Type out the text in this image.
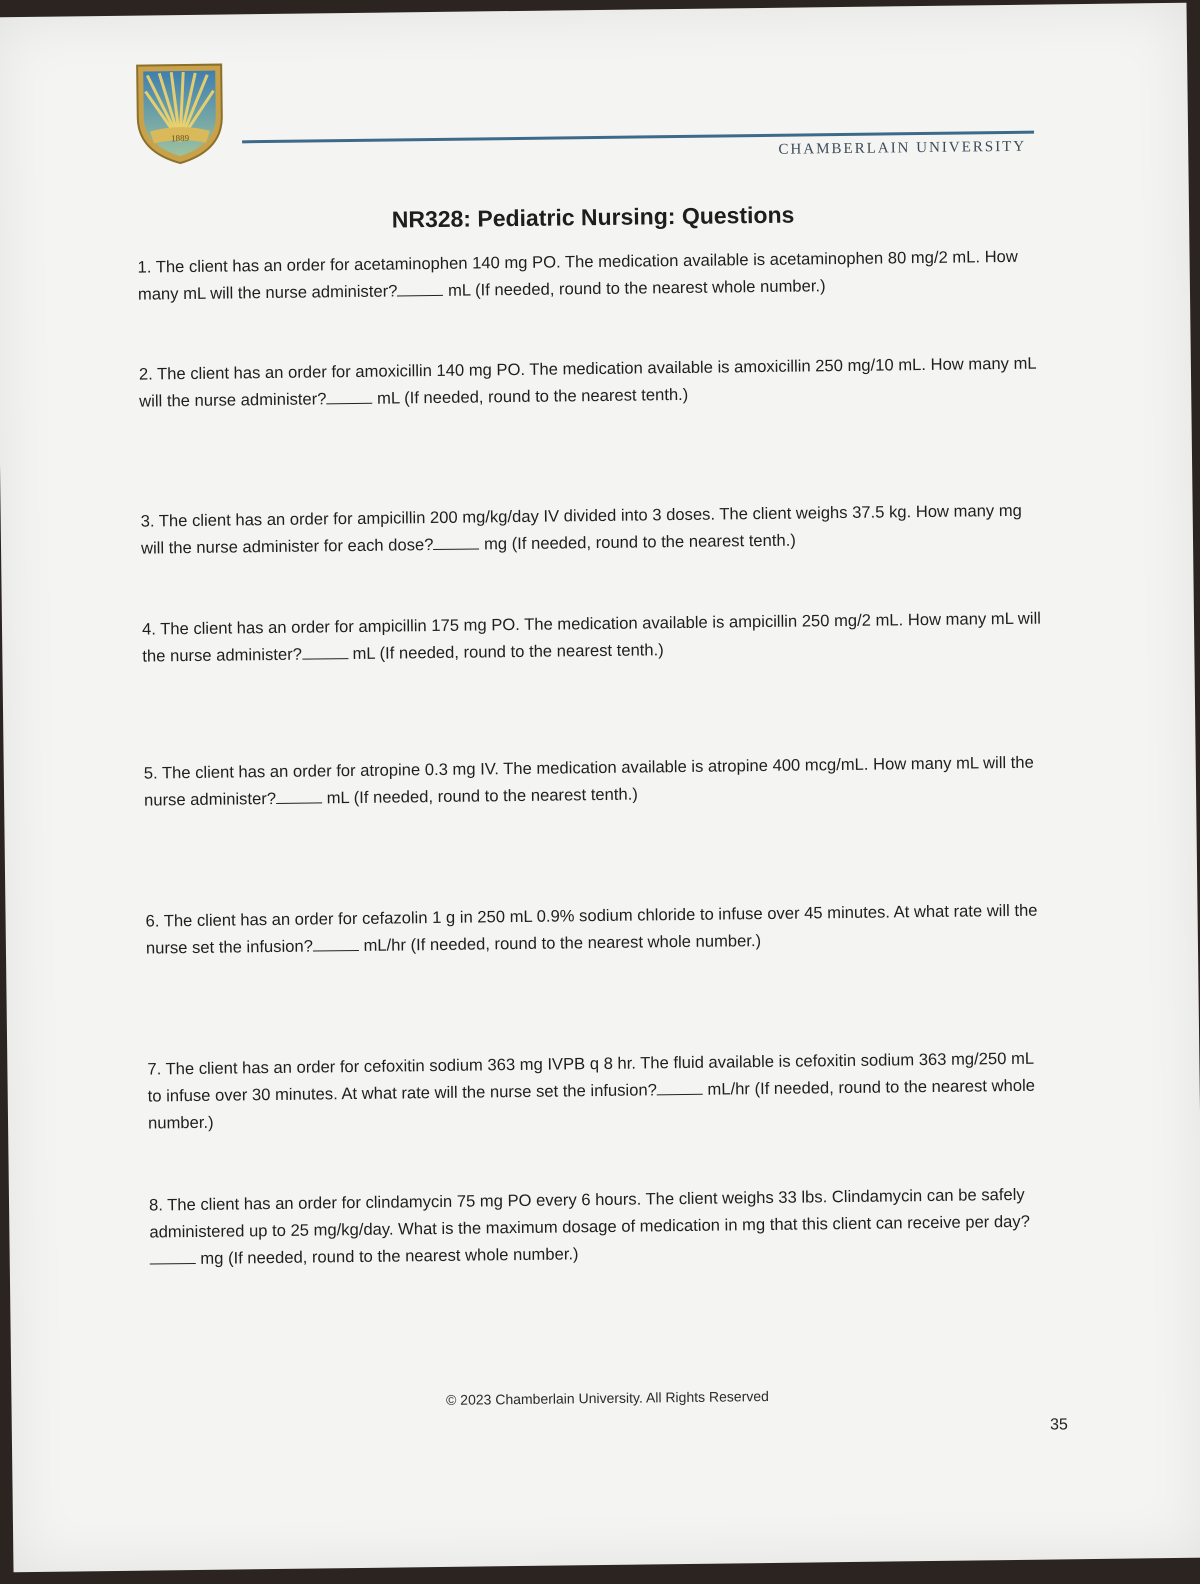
1889
CHAMBERLAIN UNIVERSITY
NR328: Pediatric Nursing: Questions
1. The client has an order for acetaminophen 140 mg PO. The medication available is acetaminophen 80 mg/2 mL. How many mL will the nurse administer?	mL (If needed, round to the nearest whole number.)
2. The client has an order for amoxicillin 140 mg PO. The medication available is amoxicillin 250 mg/10 mL. How many mL will the nurse administer?	mL (If needed, round to the nearest tenth.)
3. The client has an order for ampicillin 200 mg/kg/day IV divided into 3 doses. The client weighs 37.5 kg. How many mg will the nurse administer for each dose?	mg (If needed, round to the nearest tenth.)
4. The client has an order for ampicillin 175 mg PO. The medication available is ampicillin 250 mg/2 mL. How many mL will the nurse administer?	mL (If needed, round to the nearest tenth.)
5. The client has an order for atropine 0.3 mg IV. The medication available is atropine 400 mcg/mL. How many mL will the nurse administer?	mL (If needed, round to the nearest tenth.)
6. The client has an order for cefazolin 1 g in 250 mL 0.9% sodium chloride to infuse over 45 minutes. At what rate will the nurse set the infusion?	mL/hr (If needed, round to the nearest whole number.)
7. The client has an order for cefoxitin sodium 363 mg IVPB q 8 hr. The fluid available is cefoxitin sodium 363 mg/250 mL to infuse over 30 minutes. At what rate will the nurse set the infusion?	mL/hr (If needed, round to the nearest whole number.)
8. The client has an order for clindamycin 75 mg PO every 6 hours. The client weighs 33 lbs. Clindamycin can be safely administered up to 25 mg/kg/day. What is the maximum dosage of medication in mg that this client can receive per day? mg (If needed, round to the nearest whole number.)
© 2023 Chamberlain University. All Rights Reserved
35
